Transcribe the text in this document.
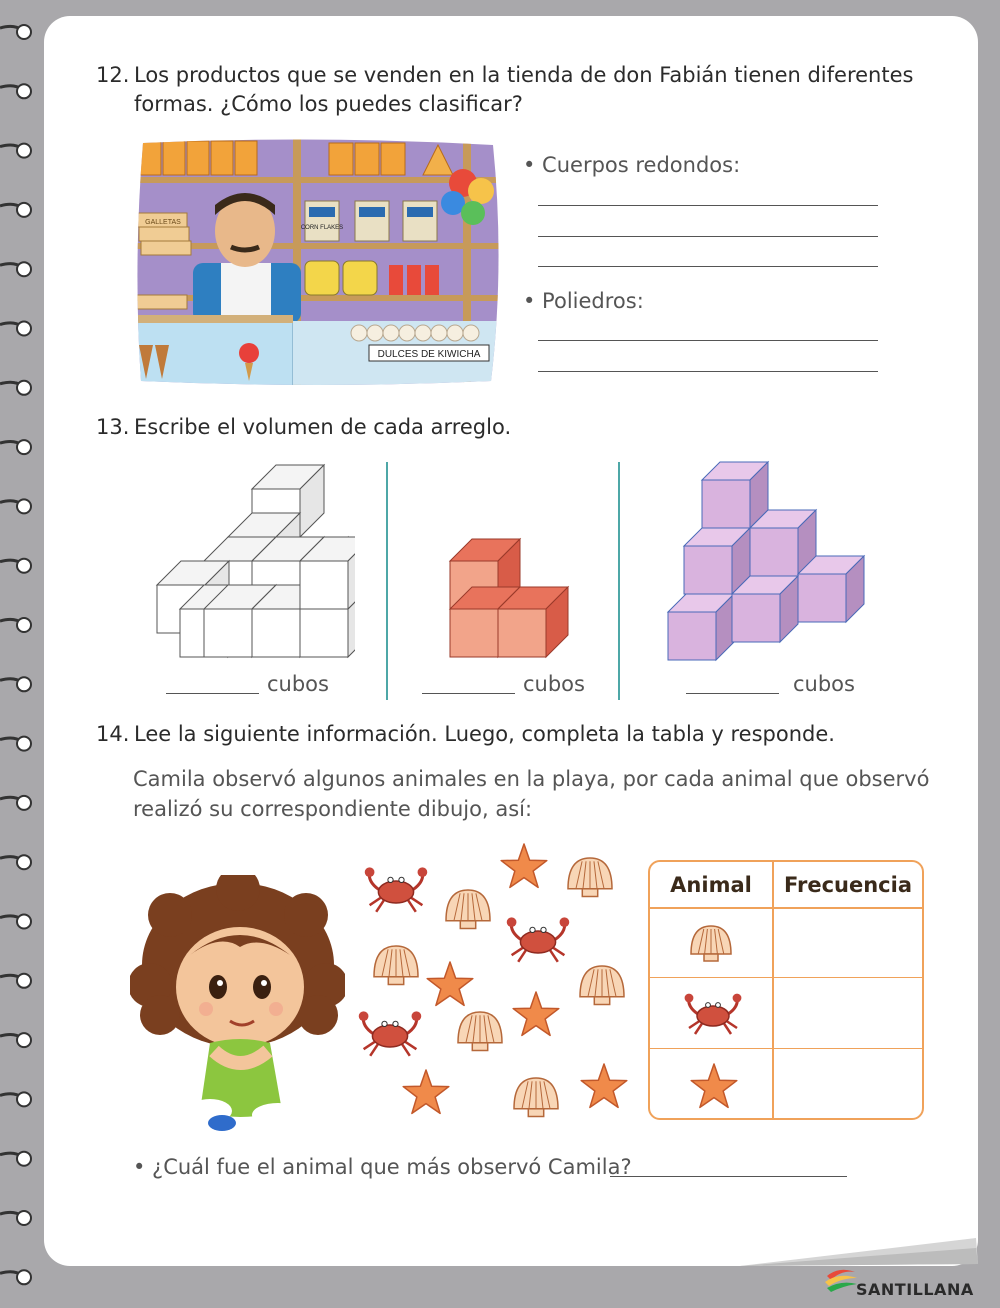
12. Los productos que se venden en la tienda de don Fabián tienen diferentes
formas. ¿Cómo los puedes clasificar?
DULCES DE KIWICHA
GALLETAS
CORN FLAKES
• Cuerpos redondos:
• Poliedros:
13. Escribe el volumen de cada arreglo.
cubos	cubos	cubos
14. Lee la siguiente información. Luego, completa la tabla y responde.
Camila observó algunos animales en la playa, por cada animal que observó
realizó su correspondiente dibujo, así:
Animal	Frecuencia
• ¿Cuál fue el animal que más observó Camila?
SANTILLANA
